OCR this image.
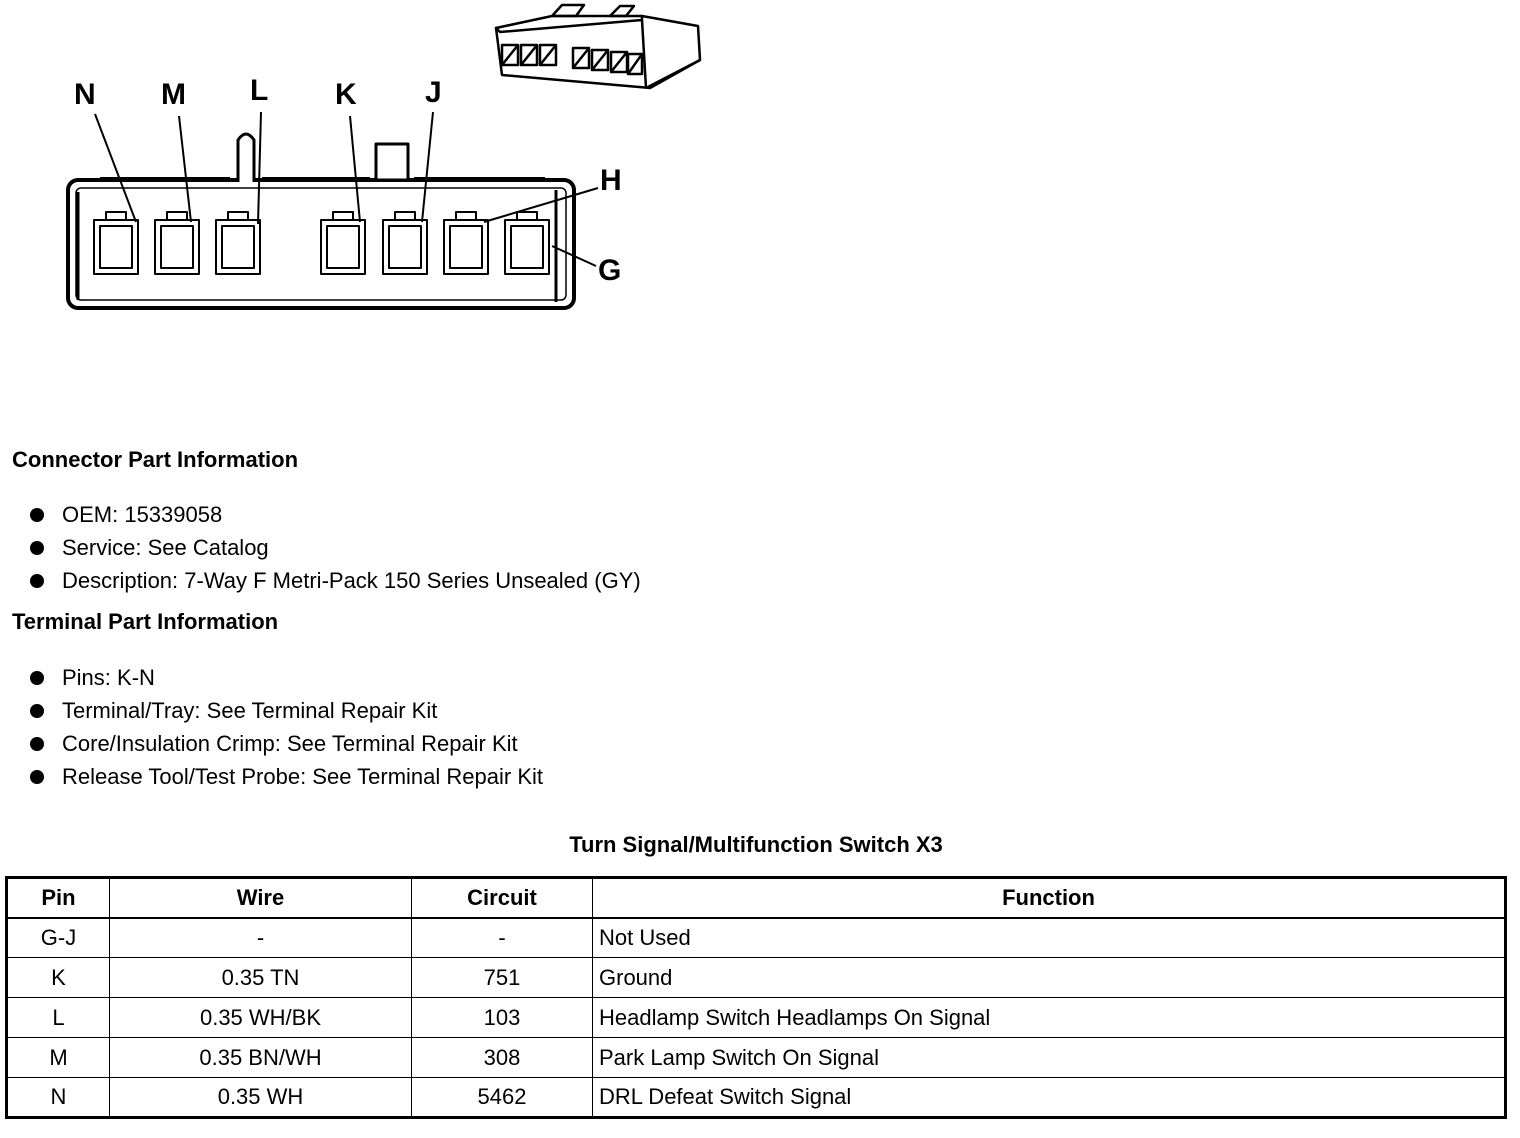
N M L K J
H
G
Connector Part Information
OEM: 15339058
Service: See Catalog
Description: 7-Way F Metri-Pack 150 Series Unsealed (GY)
Terminal Part Information
Pins: K-N
Terminal/Tray: See Terminal Repair Kit
Core/Insulation Crimp: See Terminal Repair Kit
Release Tool/Test Probe: See Terminal Repair Kit
Turn Signal/Multifunction Switch X3
Pin	Wire	Circuit	Function
G-J	-	-	Not Used
K	0.35 TN	751	Ground
L	0.35 WH/BK	103	Headlamp Switch Headlamps On Signal
M	0.35 BN/WH	308	Park Lamp Switch On Signal
N	0.35 WH	5462	DRL Defeat Switch Signal
